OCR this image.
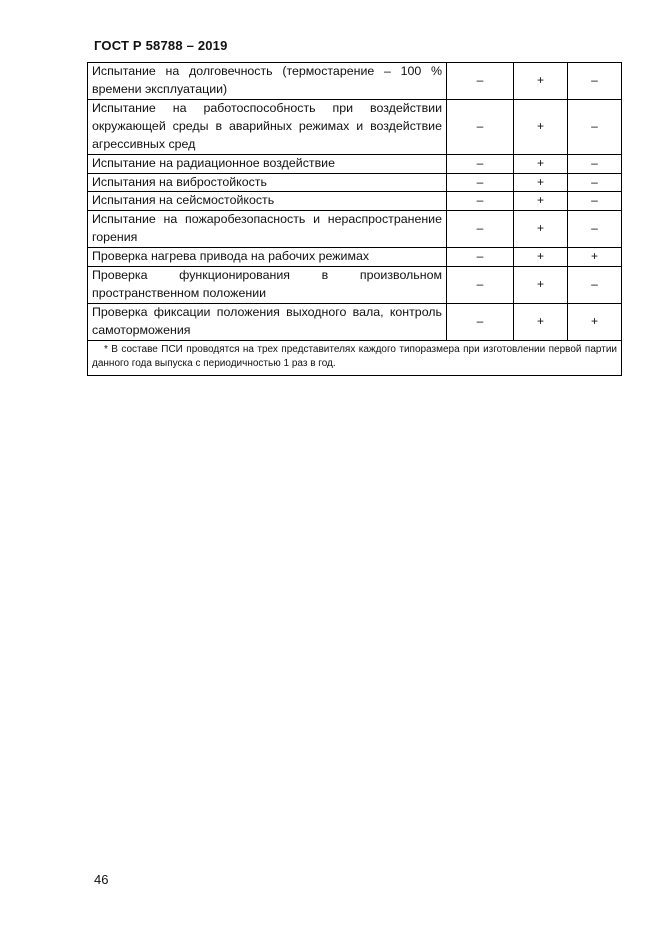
ГОСТ Р 58788 – 2019
Испытание на долговечность (термостарение – 100 % времени эксплуатации)	–	+	–
Испытание на работоспособность при воздействии окружающей среды в аварийных режимах и воздействие агрессивных сред	–	+	–
Испытание на радиационное воздействие	–	+	–
Испытания на вибростойкость	–	+	–
Испытания на сейсмостойкость	–	+	–
Испытание на пожаробезопасность и нераспространение горения	–	+	–
Проверка нагрева привода на рабочих режимах	–	+	+
Проверка функционирования в произвольном пространственном положении	–	+	–
Проверка фиксации положения выходного вала, контроль самоторможения	–	+	+
* В составе ПСИ проводятся на трех представителях каждого типоразмера при изготовлении первой партии данного года выпуска с периодичностью 1 раз в год.			
46
